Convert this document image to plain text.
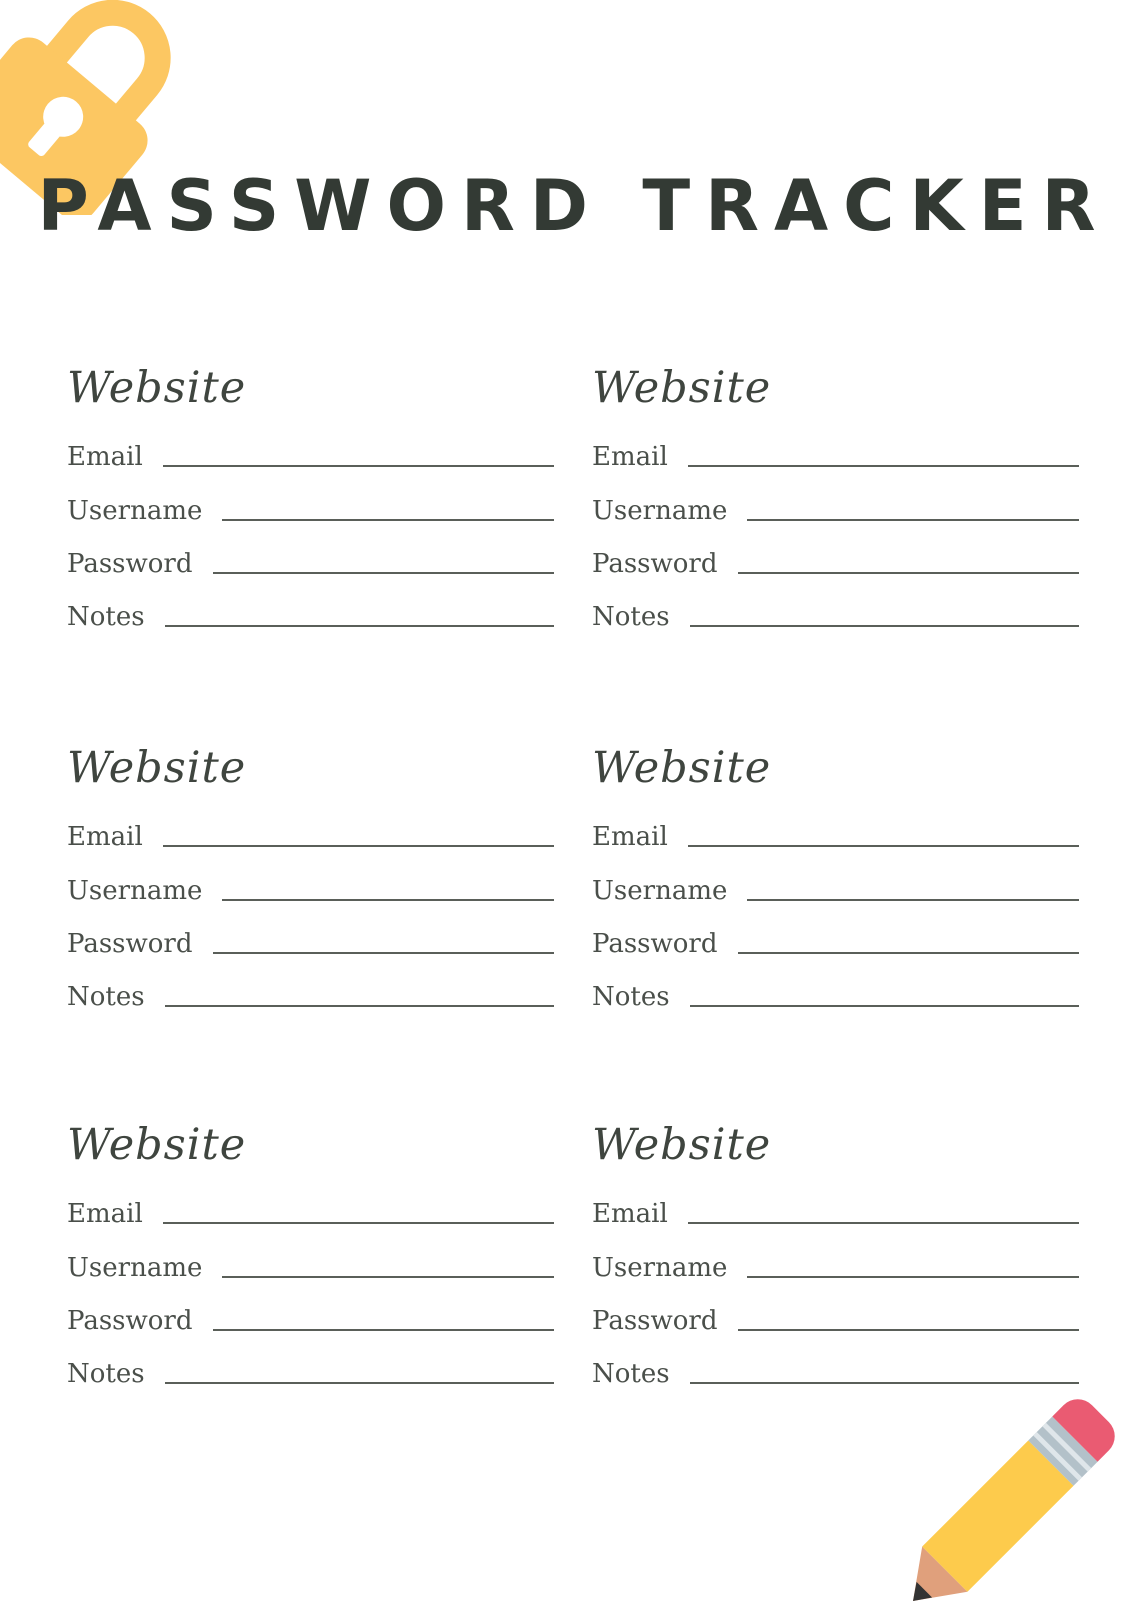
PASSWORD TRACKER
Website
Email
Username
Password
Notes
Website
Email
Username
Password
Notes
Website
Email
Username
Password
Notes
Website
Email
Username
Password
Notes
Website
Email
Username
Password
Notes
Website
Email
Username
Password
Notes
